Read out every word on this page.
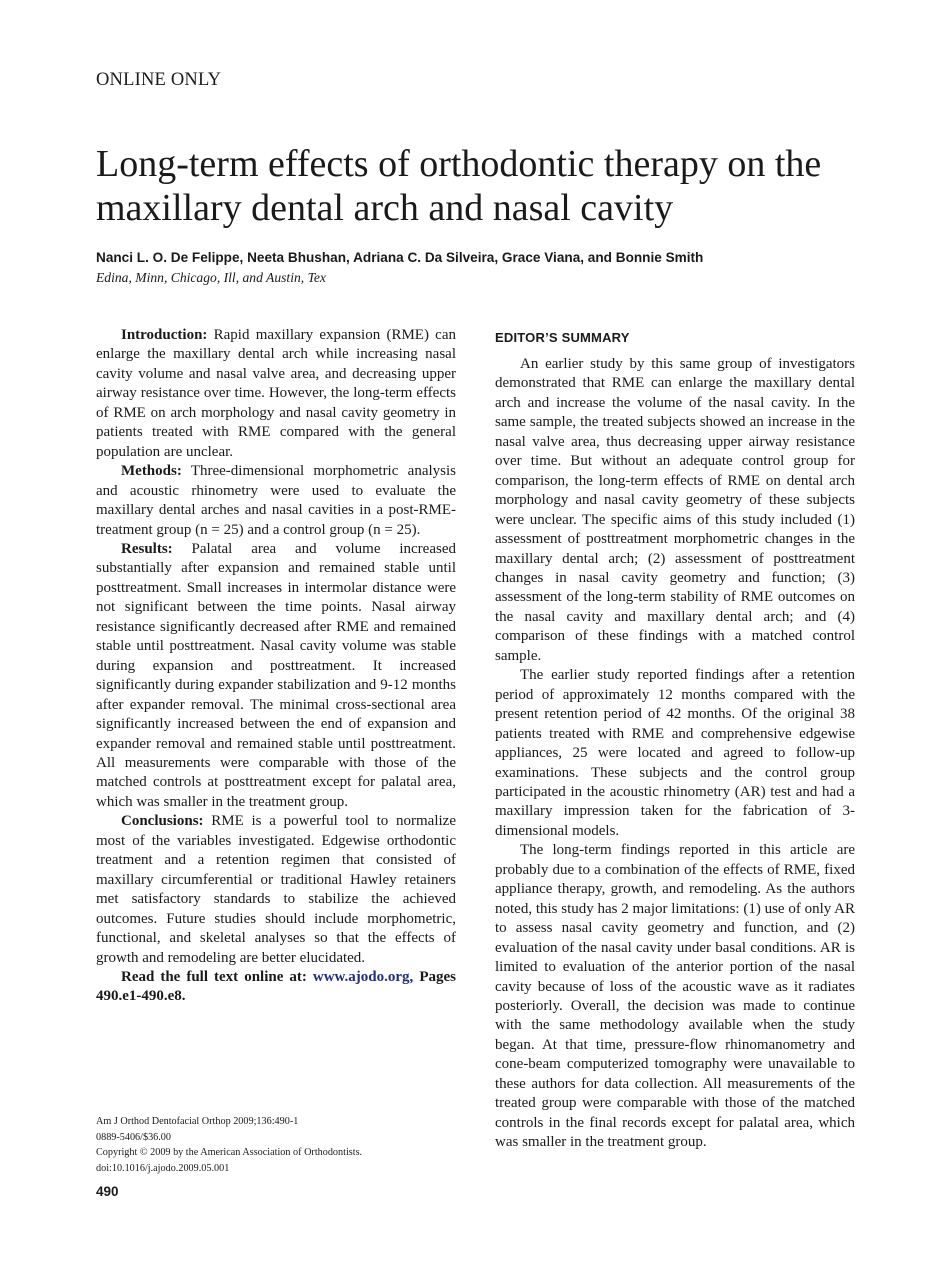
ONLINE ONLY
Long-term effects of orthodontic therapy on the
maxillary dental arch and nasal cavity
Nanci L. O. De Felippe, Neeta Bhushan, Adriana C. Da Silveira, Grace Viana, and Bonnie Smith
Edina, Minn, Chicago, Ill, and Austin, Tex

Introduction: Rapid maxillary expansion (RME) can enlarge the maxillary dental arch while increasing nasal cavity volume and nasal valve area, and decreasing upper airway resistance over time. However, the long-term effects of RME on arch morphology and nasal cavity geometry in patients treated with RME compared with the general population are unclear.

Methods: Three-dimensional morphometric analysis and acoustic rhinometry were used to evaluate the maxillary dental arches and nasal cavities in a post-RME-treatment group (n = 25) and a control group (n = 25).

Results: Palatal area and volume increased substantially after expansion and remained stable until posttreatment. Small increases in intermolar distance were not significant between the time points. Nasal airway resistance significantly decreased after RME and remained stable until posttreatment. Nasal cavity volume was stable during expansion and posttreatment. It increased significantly during expander stabilization and 9-12 months after expander removal. The minimal cross-sectional area significantly increased between the end of expansion and expander removal and remained stable until posttreatment. All measurements were comparable with those of the matched controls at posttreatment except for palatal area, which was smaller in the treatment group.

Conclusions: RME is a powerful tool to normalize most of the variables investigated. Edgewise orthodontic treatment and a retention regimen that consisted of maxillary circumferential or traditional Hawley retainers met satisfactory standards to stabilize the achieved outcomes. Future studies should include morphometric, functional, and skeletal analyses so that the effects of growth and remodeling are better elucidated.

Read the full text online at: www.ajodo.org, Pages 490.e1-490.e8.

EDITOR’S SUMMARY

An earlier study by this same group of investigators demonstrated that RME can enlarge the maxillary dental arch and increase the volume of the nasal cavity. In the same sample, the treated subjects showed an increase in the nasal valve area, thus decreasing upper airway resistance over time. But without an adequate control group for comparison, the long-term effects of RME on dental arch morphology and nasal cavity geometry of these subjects were unclear. The specific aims of this study included (1) assessment of posttreatment morphometric changes in the maxillary dental arch; (2) assessment of posttreatment changes in nasal cavity geometry and function; (3) assessment of the long-term stability of RME outcomes on the nasal cavity and maxillary dental arch; and (4) comparison of these findings with a matched control sample.

The earlier study reported findings after a retention period of approximately 12 months compared with the present retention period of 42 months. Of the original 38 patients treated with RME and comprehensive edgewise appliances, 25 were located and agreed to follow-up examinations. These subjects and the control group participated in the acoustic rhinometry (AR) test and had a maxillary impression taken for the fabrication of 3-dimensional models.

The long-term findings reported in this article are probably due to a combination of the effects of RME, fixed appliance therapy, growth, and remodeling. As the authors noted, this study has 2 major limitations: (1) use of only AR to assess nasal cavity geometry and function, and (2) evaluation of the nasal cavity under basal conditions. AR is limited to evaluation of the anterior portion of the nasal cavity because of loss of the acoustic wave as it radiates posteriorly. Overall, the decision was made to continue with the same methodology available when the study began. At that time, pressure-flow rhinomanometry and cone-beam computerized tomography were unavailable to these authors for data collection. All measurements of the treated group were comparable with those of the matched controls in the final records except for palatal area, which was smaller in the treatment group.

Am J Orthod Dentofacial Orthop 2009;136:490-1
0889-5406/$36.00
Copyright © 2009 by the American Association of Orthodontists.
doi:10.1016/j.ajodo.2009.05.001
490
